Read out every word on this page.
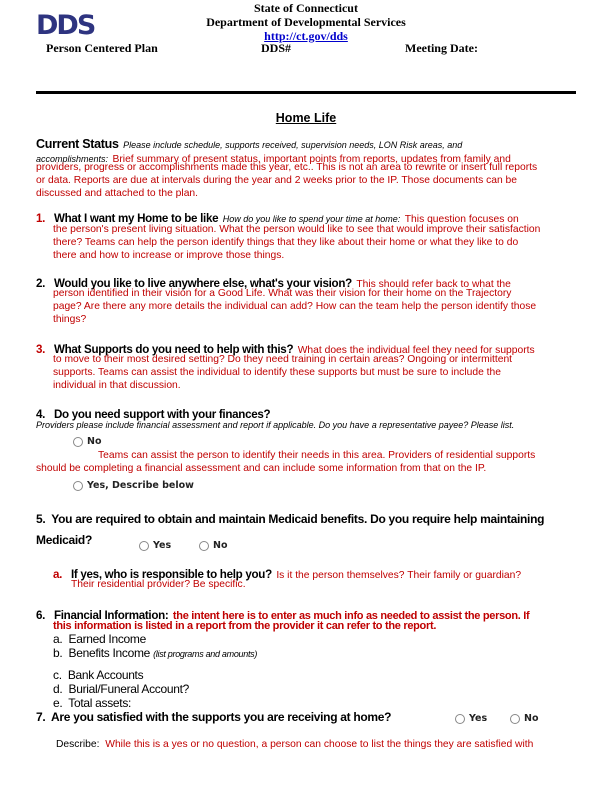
DDS
State of Connecticut
Department of Developmental Services
http://ct.gov/dds
Person Centered Plan	DDS#	Meeting Date:
Home Life
Current Status Please include schedule, supports received, supervision needs, LON Risk areas, and
accomplishments: Brief summary of present status, important points from reports, updates from family and
providers, progress or accomplishments made this year, etc.. This is not an area to rewrite or insert full reports
or data. Reports are due at intervals during the year and 2 weeks prior to the IP. Those documents can be
discussed and attached to the plan.
1. What I want my Home to be like How do you like to spend your time at home: This question focuses on
the person's present living situation. What the person would like to see that would improve their satisfaction
there? Teams can help the person identify things that they like about their home or what they like to do
there and how to increase or improve those things.
2. Would you like to live anywhere else, what's your vision? This should refer back to what the
person identified in their vision for a Good Life. What was their vision for their home on the Trajectory
page? Are there any more details the individual can add? How can the team help the person identify those
things?
3. What Supports do you need to help with this? What does the individual feel they need for supports
to move to their most desired setting? Do they need training in certain areas? Ongoing or intermittent
supports. Teams can assist the individual to identify these supports but must be sure to include the
individual in that discussion.
4. Do you need support with your finances?
Providers please include financial assessment and report if applicable. Do you have a representative payee? Please list.
No
Teams can assist the person to identify their needs in this area. Providers of residential supports
should be completing a financial assessment and can include some information from that on the IP.
Yes, Describe below
5. You are required to obtain and maintain Medicaid benefits. Do you require help maintaining
Medicaid?	Yes	No
a. If yes, who is responsible to help you? Is it the person themselves? Their family or guardian?
Their residential provider? Be specific.
6. Financial Information: the intent here is to enter as much info as needed to assist the person. If
this information is listed in a report from the provider it can refer to the report.
a. Earned Income
b. Benefits Income (list programs and amounts)
c. Bank Accounts
d. Burial/Funeral Account?
e. Total assets:
7. Are you satisfied with the supports you are receiving at home?	Yes	No
Describe: While this is a yes or no question, a person can choose to list the things they are satisfied with
